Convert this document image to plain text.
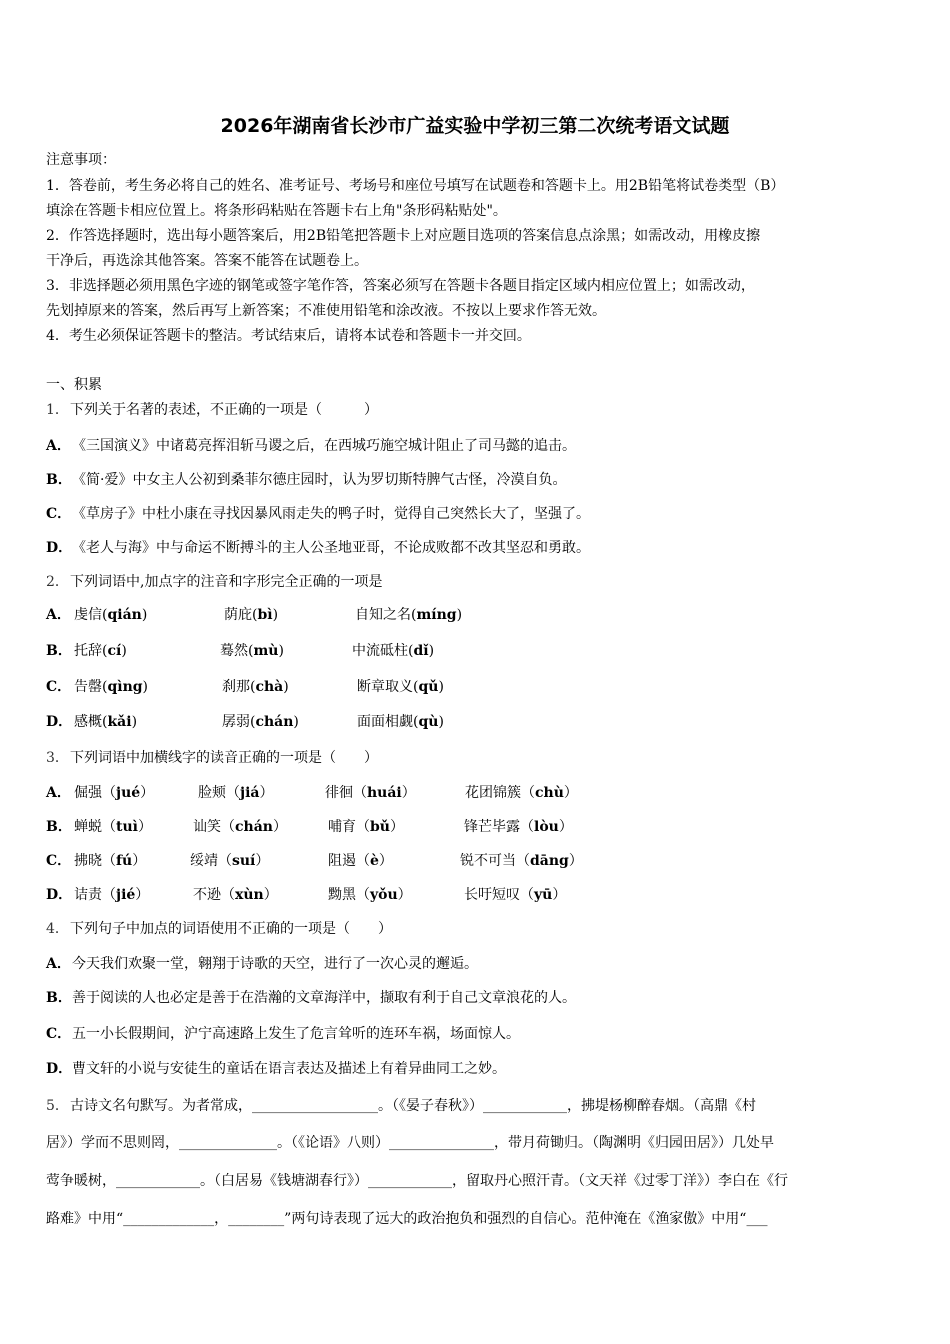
2026年湖南省长沙市广益实验中学初三第二次统考语文试题
注意事项：
1．答卷前，考生务必将自己的姓名、准考证号、考场号和座位号填写在试题卷和答题卡上。用2B铅笔将试卷类型（B）
填涂在答题卡相应位置上。将条形码粘贴在答题卡右上角"条形码粘贴处"。
2．作答选择题时，选出每小题答案后，用2B铅笔把答题卡上对应题目选项的答案信息点涂黑；如需改动，用橡皮擦
干净后，再选涂其他答案。答案不能答在试题卷上。
3．非选择题必须用黑色字迹的钢笔或签字笔作答，答案必须写在答题卡各题目指定区域内相应位置上；如需改动，
先划掉原来的答案，然后再写上新答案；不准使用铅笔和涂改液。不按以上要求作答无效。
4．考生必须保证答题卡的整洁。考试结束后，请将本试卷和答题卡一并交回。
一、积累
1．下列关于名著的表述，不正确的一项是（　　　）
A．《三国演义》中诸葛亮挥泪斩马谡之后，在西城巧施空城计阻止了司马懿的追击。
B．《简·爱》中女主人公初到桑菲尔德庄园时，认为罗切斯特脾气古怪，冷漠自负。
C．《草房子》中杜小康在寻找因暴风雨走失的鸭子时，觉得自己突然长大了，坚强了。
D．《老人与海》中与命运不断搏斗的主人公圣地亚哥，不论成败都不改其坚忍和勇敢。
2．下列词语中,加点字的注音和字形完全正确的一项是
A． 虔信(qián)	荫庇(bì)	自知之名(míng)
B． 托辞(cí)	蓦然(mù)	中流砥柱(dǐ)
C． 告罄(qìng)	刹那(chà)	断章取义(qǔ)
D． 感概(kǎi)	孱弱(chán)	面面相觑(qù)
3．下列词语中加横线字的读音正确的一项是（　　）
A． 倔强（jué）	脸颊（jiá）	徘徊（huái）	花团锦簇（chù）
B． 蝉蜕（tuì）	讪笑（chán）	哺育（bǔ）	锋芒毕露（lòu）
C． 拂晓（fú）	绥靖（suí）	阻遏（è）	锐不可当（dāng）
D． 诘责（jié）	不逊（xùn）	黝黑（yǒu）	长吁短叹（yū）
4．下列句子中加点的词语使用不正确的一项是（　　）
A．今天我们欢聚一堂，翱翔于诗歌的天空，进行了一次心灵的邂逅。
B．善于阅读的人也必定是善于在浩瀚的文章海洋中，撷取有利于自己文章浪花的人。
C．五一小长假期间，沪宁高速路上发生了危言耸听的连环车祸，场面惊人。
D．曹文轩的小说与安徒生的童话在语言表达及描述上有着异曲同工之妙。
5．古诗文名句默写。为者常成，__________________。（《晏子春秋》）____________，拂堤杨柳醉春烟。（高鼎《村
居》）学而不思则罔，______________。（《论语》八则）_______________，带月荷锄归。（陶渊明《归园田居》）几处早
莺争暖树，____________。（白居易《钱塘湖春行》）____________，留取丹心照汗青。（文天祥《过零丁洋》）李白在《行
路难》中用“_____________，________”两句诗表现了远大的政治抱负和强烈的自信心。范仲淹在《渔家傲》中用“___
